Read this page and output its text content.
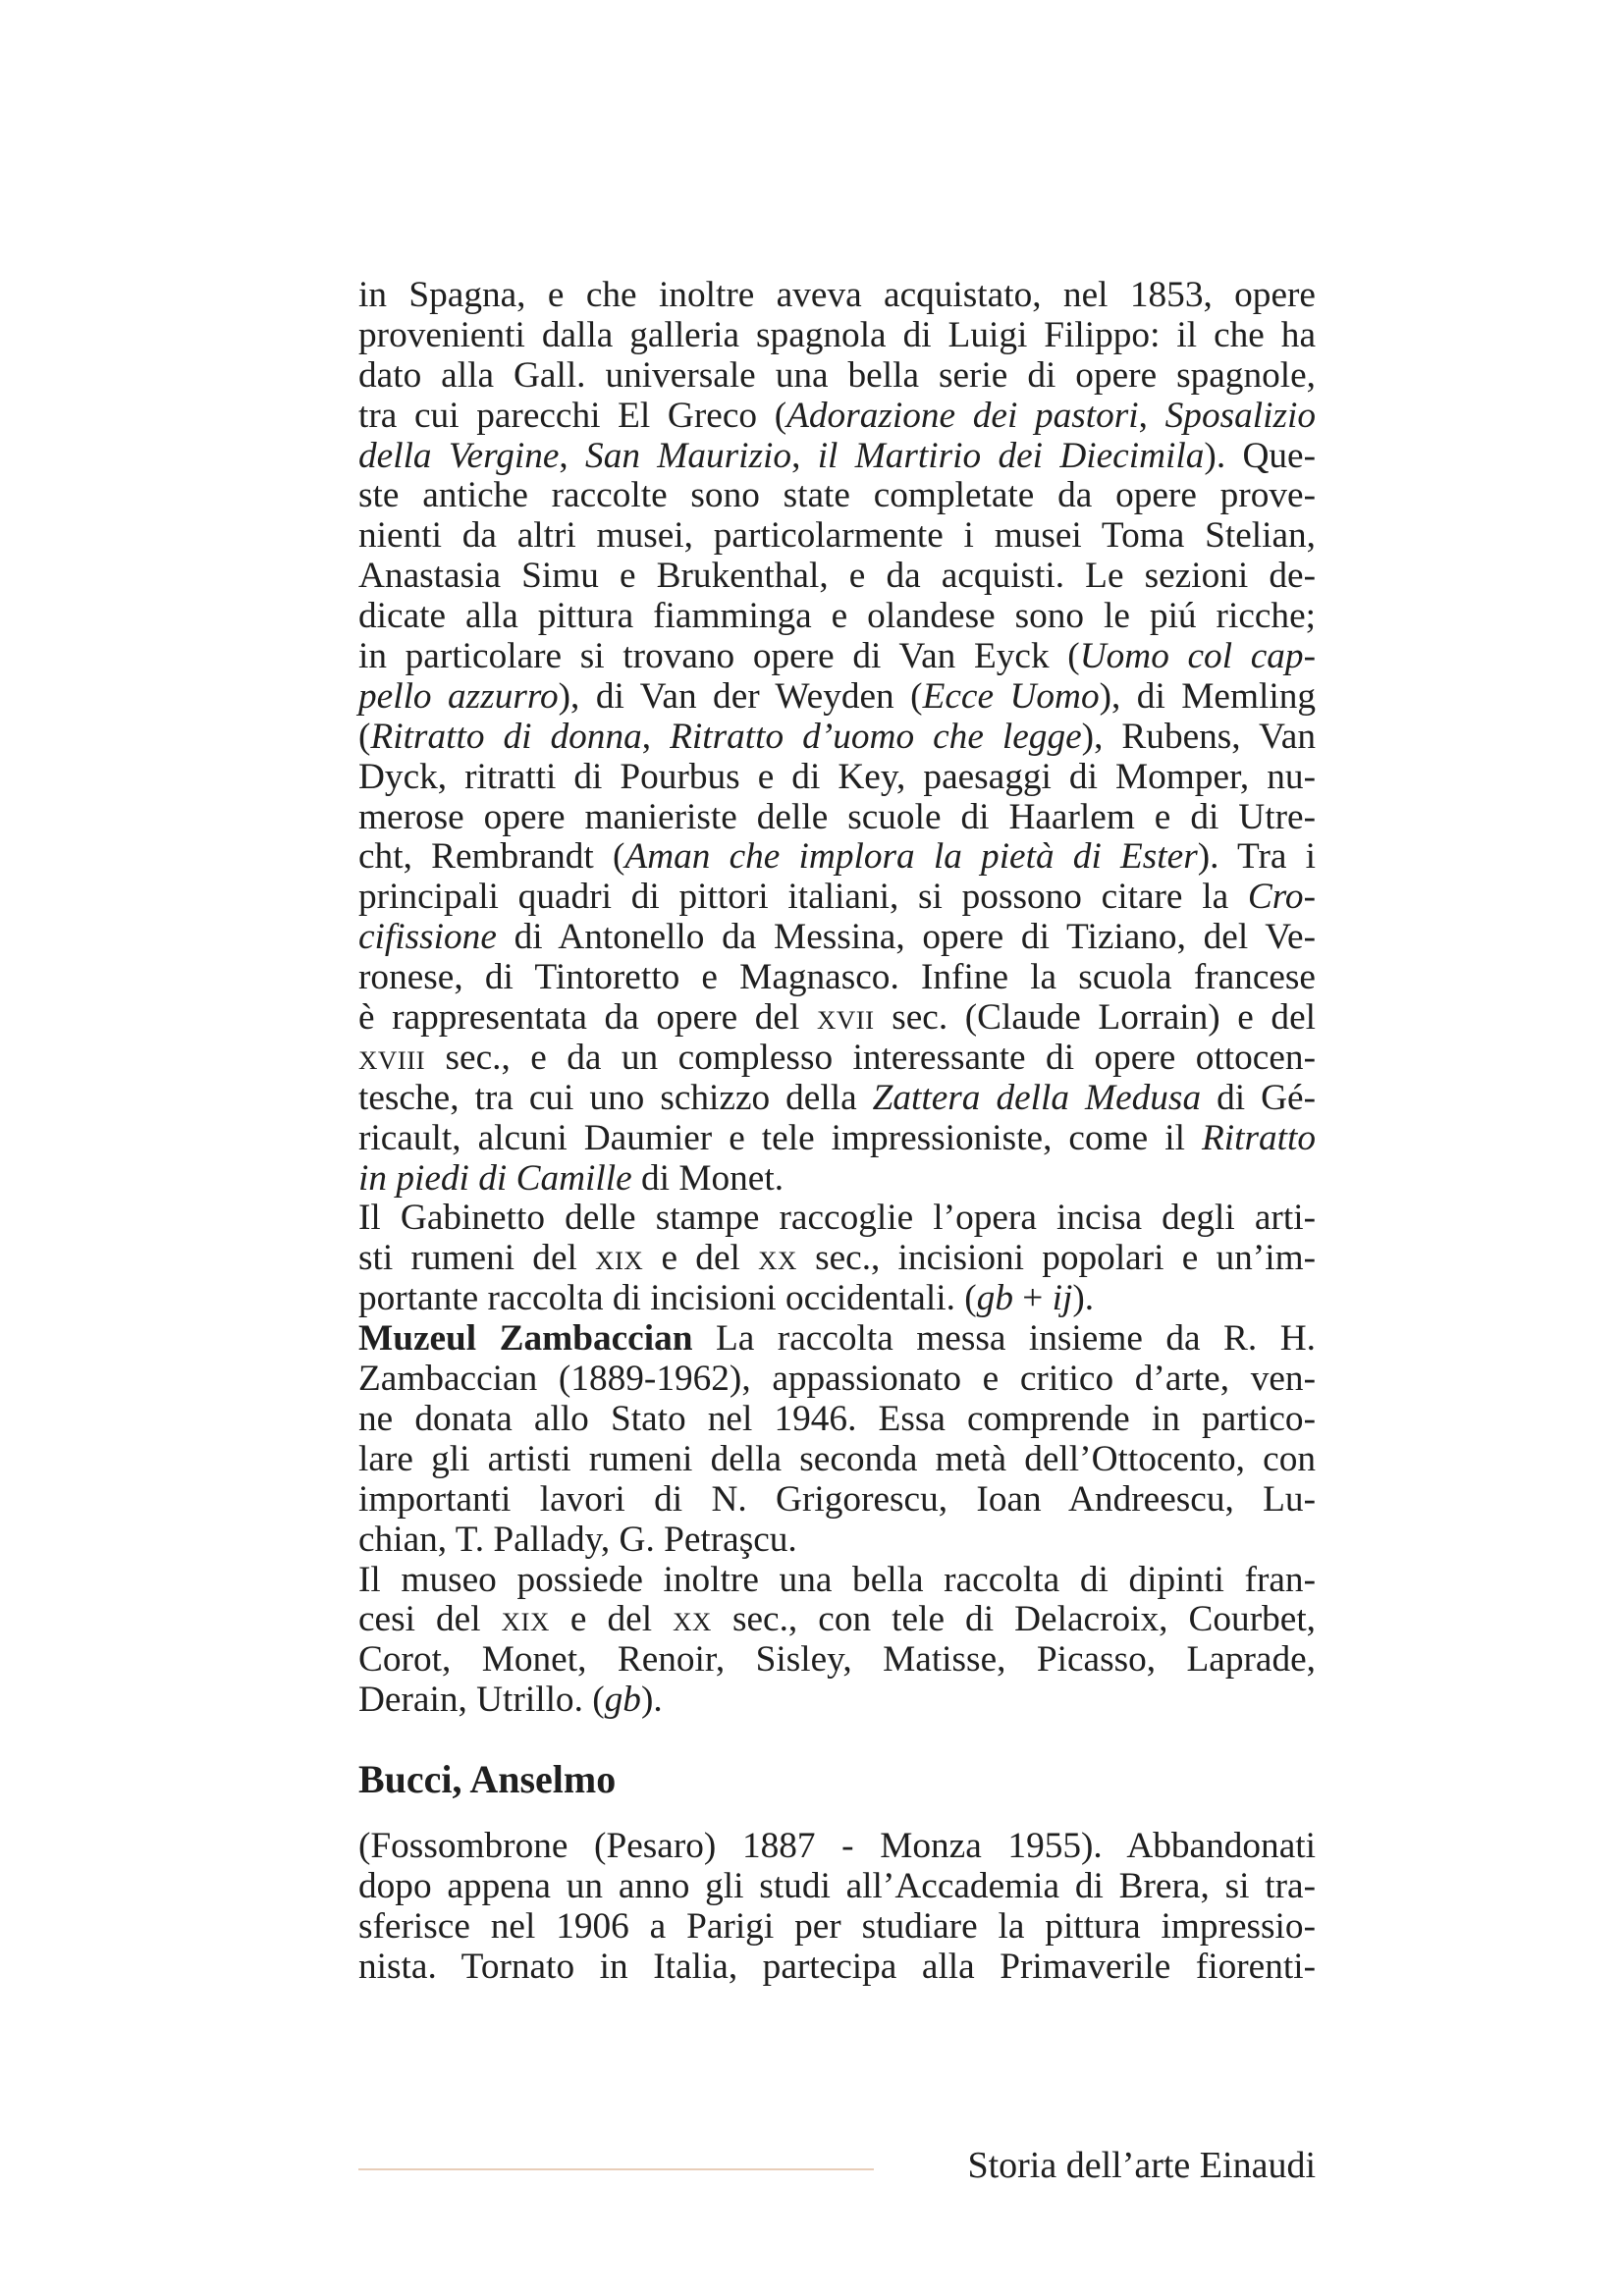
in Spagna, e che inoltre aveva acquistato, nel 1853, opere
provenienti dalla galleria spagnola di Luigi Filippo: il che ha
dato alla Gall. universale una bella serie di opere spagnole,
tra cui parecchi El Greco (Adorazione dei pastori, Sposalizio
della Vergine, San Maurizio, il Martirio dei Diecimila). Que-
ste antiche raccolte sono state completate da opere prove-
nienti da altri musei, particolarmente i musei Toma Stelian,
Anastasia Simu e Brukenthal, e da acquisti. Le sezioni de-
dicate alla pittura fiamminga e olandese sono le piú ricche;
in particolare si trovano opere di Van Eyck (Uomo col cap-
pello azzurro), di Van der Weyden (Ecce Uomo), di Memling
(Ritratto di donna, Ritratto d’uomo che legge), Rubens, Van
Dyck, ritratti di Pourbus e di Key, paesaggi di Momper, nu-
merose opere manieriste delle scuole di Haarlem e di Utre-
cht, Rembrandt (Aman che implora la pietà di Ester). Tra i
principali quadri di pittori italiani, si possono citare la Cro-
cifissione di Antonello da Messina, opere di Tiziano, del Ve-
ronese, di Tintoretto e Magnasco. Infine la scuola francese
è rappresentata da opere del XVII sec. (Claude Lorrain) e del
XVIII sec., e da un complesso interessante di opere ottocen-
tesche, tra cui uno schizzo della Zattera della Medusa di Gé-
ricault, alcuni Daumier e tele impressioniste, come il Ritratto
in piedi di Camille di Monet.
Il Gabinetto delle stampe raccoglie l’opera incisa degli arti-
sti rumeni del XIX e del XX sec., incisioni popolari e un’im-
portante raccolta di incisioni occidentali. (gb + ij).
Muzeul Zambaccian La raccolta messa insieme da R. H.
Zambaccian (1889-1962), appassionato e critico d’arte, ven-
ne donata allo Stato nel 1946. Essa comprende in partico-
lare gli artisti rumeni della seconda metà dell’Ottocento, con
importanti lavori di N. Grigorescu, Ioan Andreescu, Lu-
chian, T. Pallady, G. Petraşcu.
Il museo possiede inoltre una bella raccolta di dipinti fran-
cesi del XIX e del XX sec., con tele di Delacroix, Courbet,
Corot, Monet, Renoir, Sisley, Matisse, Picasso, Laprade,
Derain, Utrillo. (gb).
Bucci, Anselmo
(Fossombrone (Pesaro) 1887 - Monza 1955). Abbandonati
dopo appena un anno gli studi all’Accademia di Brera, si tra-
sferisce nel 1906 a Parigi per studiare la pittura impressio-
nista. Tornato in Italia, partecipa alla Primaverile fiorenti-
Storia dell’arte Einaudi
